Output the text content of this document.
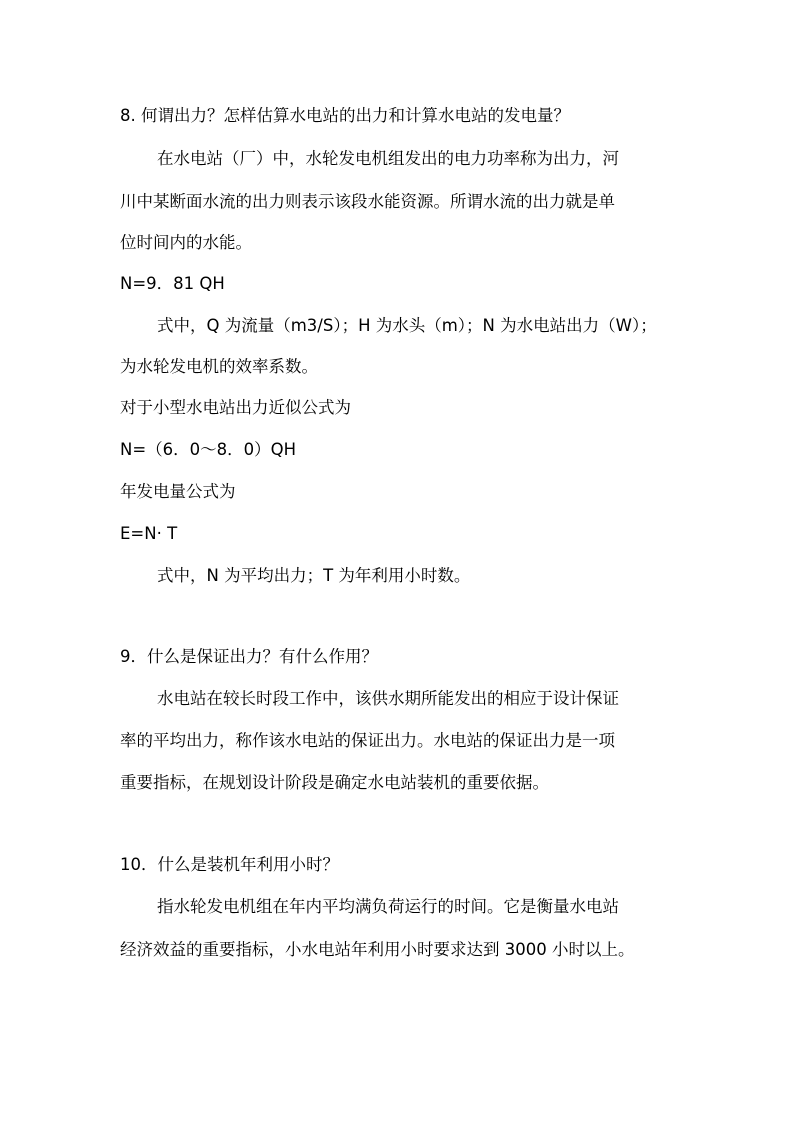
8. 何谓出力？怎样估算水电站的出力和计算水电站的发电量？
在水电站（厂）中，水轮发电机组发出的电力功率称为出力，河
川中某断面水流的出力则表示该段水能资源。所谓水流的出力就是单
位时间内的水能。
N=9．81 QH
式中，Q 为流量（m3/S）；H 为水头（m）；N 为水电站出力（W）；
为水轮发电机的效率系数。
对于小型水电站出力近似公式为
N=（6．0～8．0）QH
年发电量公式为
E=N· T
式中，N 为平均出力；T 为年利用小时数。
9．什么是保证出力？有什么作用？
水电站在较长时段工作中，该供水期所能发出的相应于设计保证
率的平均出力，称作该水电站的保证出力。水电站的保证出力是一项
重要指标，在规划设计阶段是确定水电站装机的重要依据。
10．什么是装机年利用小时？
指水轮发电机组在年内平均满负荷运行的时间。它是衡量水电站
经济效益的重要指标，小水电站年利用小时要求达到 3000 小时以上。
